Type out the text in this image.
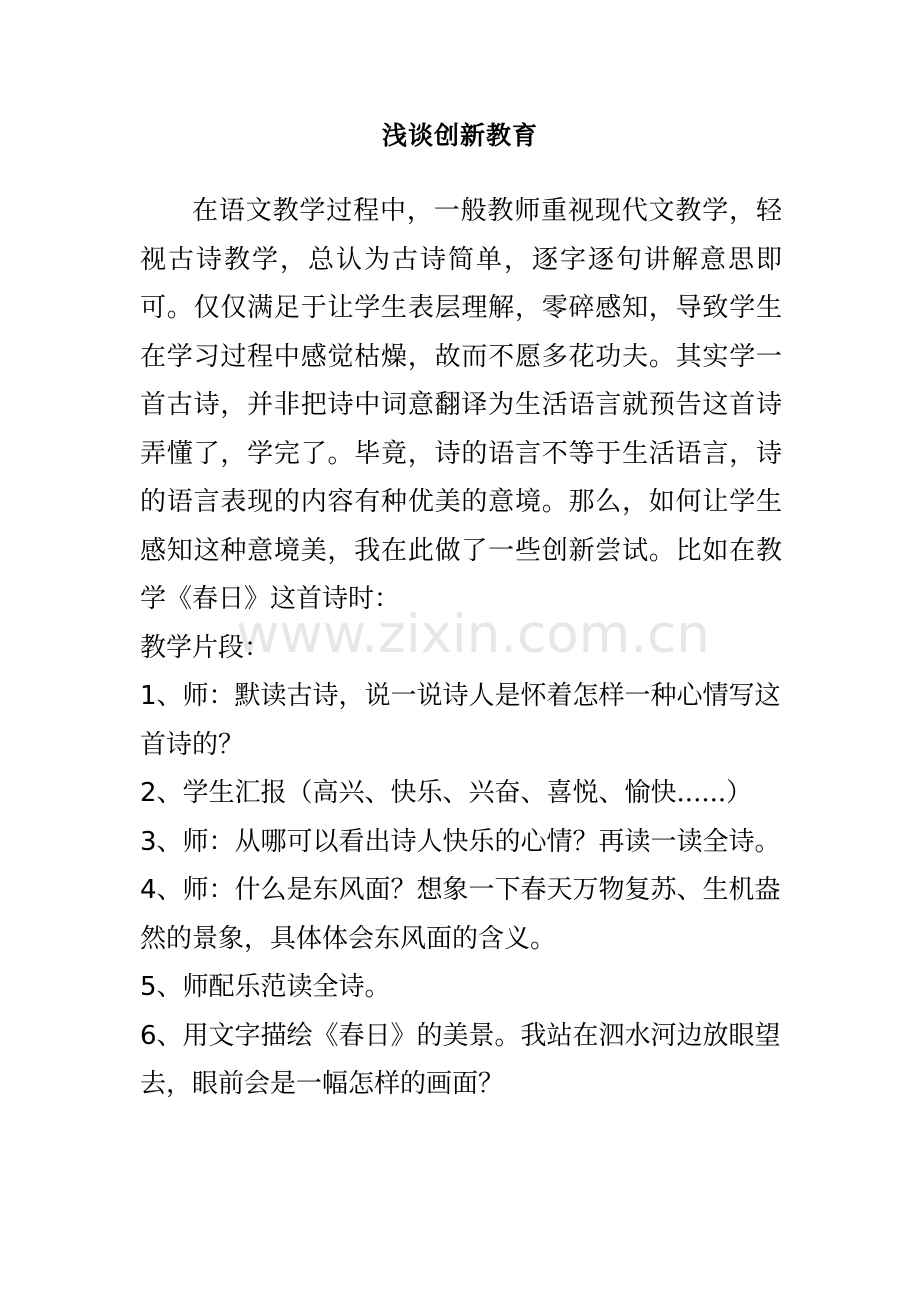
www.zixin.com.cn
浅谈创新教育

在语文教学过程中，一般教师重视现代文教学，轻视古诗教学，总认为古诗简单，逐字逐句讲解意思即可。仅仅满足于让学生表层理解，零碎感知，导致学生在学习过程中感觉枯燥，故而不愿多花功夫。其实学一首古诗，并非把诗中词意翻译为生活语言就预告这首诗弄懂了，学完了。毕竟，诗的语言不等于生活语言，诗的语言表现的内容有种优美的意境。那么，如何让学生感知这种意境美，我在此做了一些创新尝试。比如在教学《春日》这首诗时：

教学片段：

1、师：默读古诗，说一说诗人是怀着怎样一种心情写这首诗的？

2、学生汇报（高兴、快乐、兴奋、喜悦、愉快......）

3、师：从哪可以看出诗人快乐的心情？再读一读全诗。

4、师：什么是东风面？想象一下春天万物复苏、生机盎然的景象，具体体会东风面的含义。

5、师配乐范读全诗。

6、用文字描绘《春日》的美景。我站在泗水河边放眼望去，眼前会是一幅怎样的画面？
